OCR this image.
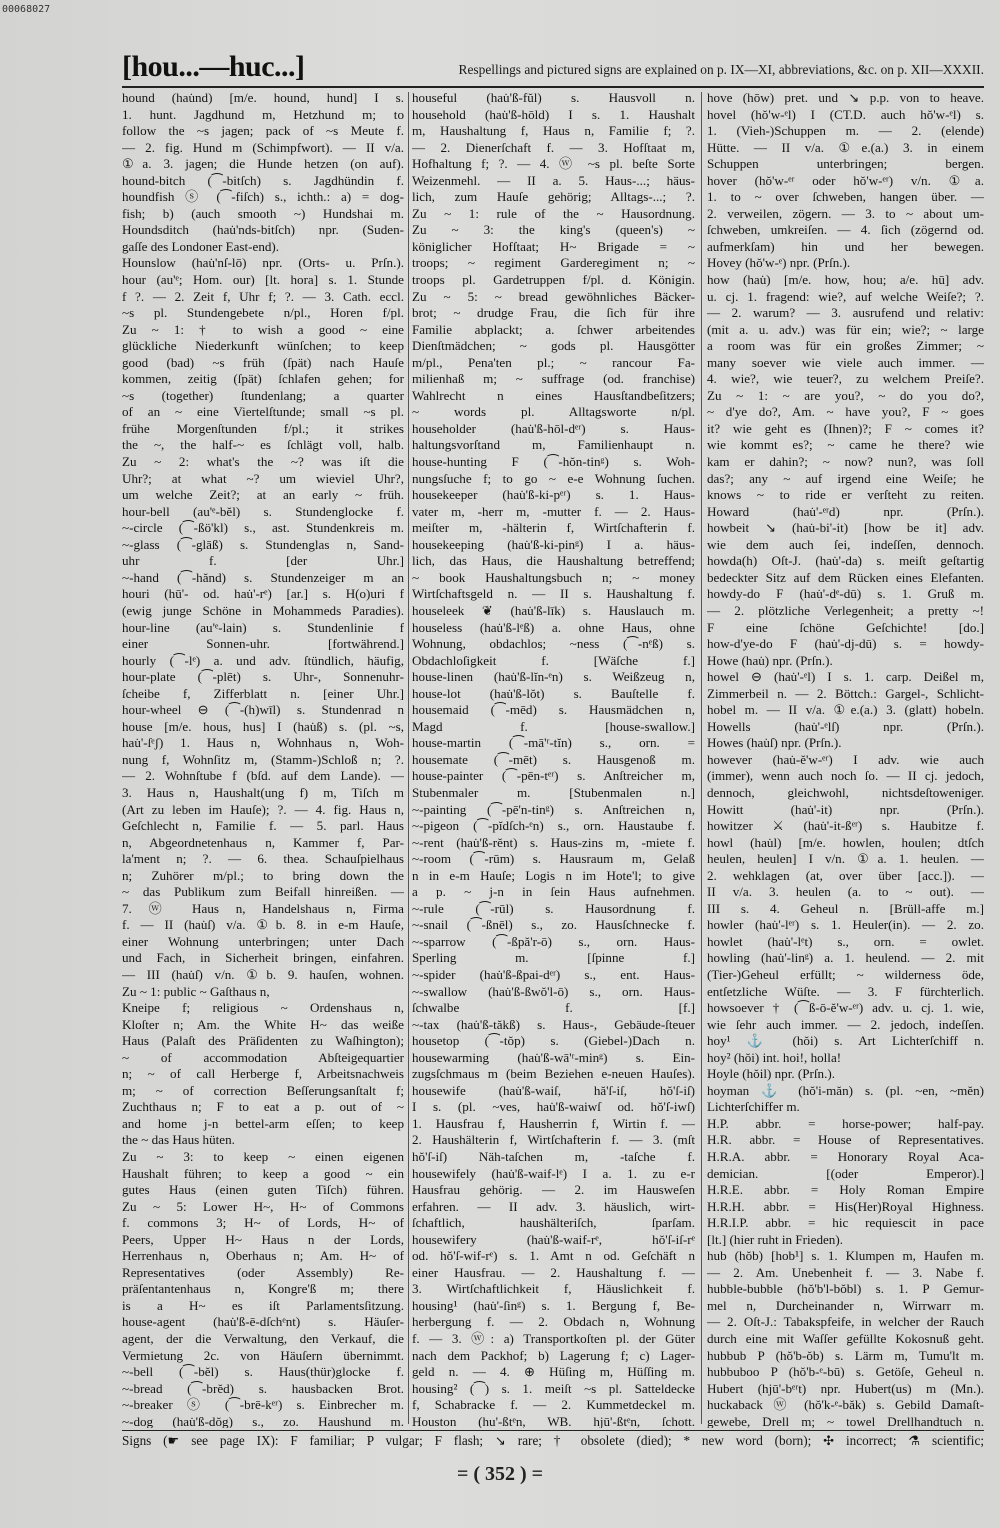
00068027
[hou...—huc...]	Respellings and pictured signs are explained on p. IX—XI, abbreviations, &c. on p. XII—XXXII.
hound (hau̇nd) [m/e. hound, hund] I s.
1. hunt. Jagdhund m, Hetzhund m; to
follow the ~s jagen; pack of ~s Meute f.
— 2. fig. Hund m (Schimpfwort). — II v/a.
①a. 3. jagen; die Hunde hetzen (on auf).
hound-bitch (⁀-bitſch) s. Jagdhündin f.
houndfish ⓢ (⁀-fiſch) s., ichth.: a) = dog-
fish; b) (auch smooth ~) Hundshai m.
Houndsditch (hau̇'nds-bitſch) npr. (Suden-
gaſſe des Londoner East-end).
Hounslow (hau̇'nſ-lō) npr. (Orts- u. Prſn.).
hour (au'ᵉ; Hom. our) [lt. hora] s. 1. Stunde
f ?. — 2. Zeit f, Uhr f; ?. — 3. Cath. eccl.
~s pl. Stundengebete n/pl., Horen f/pl.
Zu ~ 1: † to wish a good ~ eine
glückliche Niederkunft wünſchen; to keep
good (bad) ~s früh (ſpät) nach Hauſe
kommen, zeitig (ſpät) ſchlafen gehen; for
~s (together) ſtundenlang; a quarter
of an ~ eine Viertelſtunde; small ~s pl.
frühe Morgenſtunden f/pl.; it strikes
the ~, the half-~ es ſchlägt voll, halb.
Zu ~ 2: what's the ~? was iſt die
Uhr?; at what ~? um wieviel Uhr?,
um welche Zeit?; at an early ~ früh.
hour-bell (au'ᵉ-bĕl) s. Stundenglocke f.
~-circle (⁀-ßö'kl) s., ast. Stundenkreis m.
~-glass (⁀-glāß) s. Stundenglas n, Sand-
uhr f. [der Uhr.]
~-hand (⁀-hănd) s. Stundenzeiger m an
houri (hū'- od. hau̇'-rᵉ) [ar.] s. H(o)uri f
(ewig junge Schöne in Mohammeds Paradies).
hour-line (au'ᵉ-lain) s. Stundenlinie f
einer Sonnen-uhr. [fortwährend.]
hourly (⁀-lᵉ) a. und adv. ſtündlich, häufig,
hour-plate (⁀-plēt) s. Uhr-, Sonnenuhr-
ſcheibe f, Zifferblatt n. [einer Uhr.]
hour-wheel ⊖ (⁀-(h)wīl) s. Stundenrad n
house [m/e. hous, hus] I (hau̇ß) s. (pl. ~s,
hau̇'-ſᵉʃ) 1. Haus n, Wohnhaus n, Woh-
nung f, Wohnſitz m, (Stamm-)Schloß n; ?.
— 2. Wohnſtube f (bſd. auf dem Lande). —
3. Haus n, Haushalt(ung f) m, Tiſch m
(Art zu leben im Hauſe); ?. — 4. fig. Haus n,
Geſchlecht n, Familie f. — 5. parl. Haus
n, Abgeordnetenhaus n, Kammer f, Par-
la'ment n; ?. — 6. thea. Schauſpielhaus
n; Zuhörer m/pl.; to bring down the
~ das Publikum zum Beifall hinreißen. —
7. ⓦ Haus n, Handelshaus n, Firma
f. — II (hau̇ſ) v/a. ①b. 8. in e-m Hauſe,
einer Wohnung unterbringen; unter Dach
und Fach, in Sicherheit bringen, einfahren.
— III (hau̇ſ) v/n. ①b. 9. hauſen, wohnen.
Zu ~ 1: public ~ Gaſthaus n,
Kneipe f; religious ~ Ordenshaus n,
Kloſter n; Am. the White H~ das weiße
Haus (Palaſt des Präſidenten zu Waſhington);
~ of accommodation Abſteigequartier
n; ~ of call Herberge f, Arbeitsnachweis
m; ~ of correction Beſſerungsanſtalt f;
Zuchthaus n; F to eat a p. out of ~
and home j-n bettel-arm eſſen; to keep
the ~ das Haus hüten.
Zu ~ 3: to keep ~ einen eigenen
Haushalt führen; to keep a good ~ ein
gutes Haus (einen guten Tiſch) führen.
Zu ~ 5: Lower H~, H~ of Commons
f. commons 3; H~ of Lords, H~ of
Peers, Upper H~ Haus n der Lords,
Herrenhaus n, Oberhaus n; Am. H~ of
Representatives (oder Assembly) Re-
präſentantenhaus n, Kongre'ß m; there
is a H~ es iſt Parlamentsſitzung.
house-agent (hau̇'ß-ē-dſchᵉnt) s. Häuſer-
agent, der die Verwaltung, den Verkauf, die
Vermietung 2c. von Häuſern übernimmt.
~-bell (⁀-bĕl) s. Haus(thür)glocke f.
~-bread (⁀-brĕd) s. hausbacken Brot.
~-breaker ⓢ (⁀-brē-kᵉʳ) s. Einbrecher m.
~-dog (hau̇'ß-dŏg) s., zo. Haushund m.
houseful (hau̇'ß-fŭl) s. Hausvoll n.
household (hau̇'ß-hōld) I s. 1. Haushalt
m, Haushaltung f, Haus n, Familie f; ?.
— 2. Dienerſchaft f. — 3. Hofſtaat m,
Hofhaltung f; ?. — 4. ⓦ ~s pl. beſte Sorte
Weizenmehl. — II a. 5. Haus-...; häus-
lich, zum Hauſe gehörig; Alltags-...; ?.
Zu ~ 1: rule of the ~ Hausordnung.
Zu ~ 3: the king's (queen's) ~
königlicher Hofſtaat; H~ Brigade = ~
troops; ~ regiment Garderegiment n; ~
troops pl. Gardetruppen f/pl. d. Königin.
Zu ~ 5: ~ bread gewöhnliches Bäcker-
brot; ~ drudge Frau, die ſich für ihre
Familie abplackt; a. ſchwer arbeitendes
Dienſtmädchen; ~ gods pl. Hausgötter
m/pl., Pena'ten pl.; ~ rancour Fa-
milienhaß m; ~ suffrage (od. franchise)
Wahlrecht n eines Hausſtandbeſitzers;
~ words pl. Alltagsworte n/pl.
householder (hau̇'ß-hōl-dᵉʳ) s. Haus-
haltungsvorſtand m, Familienhaupt n.
house-hunting F (⁀-hŏn-tinᵍ) s. Woh-
nungsſuche f; to go ~ e-e Wohnung ſuchen.
housekeeper (hau̇'ß-ki-pᵉʳ) s. 1. Haus-
vater m, -herr m, -mutter f. — 2. Haus-
meiſter m, -hälterin f, Wirtſchafterin f.
housekeeping (hau̇'ß-ki-pinᵍ) I a. häus-
lich, das Haus, die Haushaltung betreffend;
~ book Haushaltungsbuch n; ~ money
Wirtſchaftsgeld n. — II s. Haushaltung f.
houseleek ❦ (hau̇'ß-līk) s. Hauslauch m.
houseless (hau̇'ß-lᵉß) a. ohne Haus, ohne
Wohnung, obdachlos; ~ness (⁀-nᵉß) s.
Obdachloſigkeit f. [Wäſche f.]
house-linen (hau̇'ß-lĭn-ᵉn) s. Weißzeug n,
house-lot (hau̇'ß-lŏt) s. Bauſtelle f.
housemaid (⁀-mēd) s. Hausmädchen n,
Magd f. [house-swallow.]
house-martin (⁀-mā'ʳ-tĭn) s., orn. =
housemate (⁀-mēt) s. Hausgenoß m.
house-painter (⁀-pēn-tᵉʳ) s. Anſtreicher m,
Stubenmaler m. [Stubenmalen n.]
~-painting (⁀-pē'n-tinᵍ) s. Anſtreichen n,
~-pigeon (⁀-pĭdſch-ᵉn) s., orn. Haustaube f.
~-rent (hau̇'ß-rĕnt) s. Haus-zins m, -miete f.
~-room (⁀-rūm) s. Hausraum m, Gelaß
n in e-m Hauſe; Logis n im Hote'l; to give
a p. ~ j-n in ſein Haus aufnehmen.
~-rule (⁀-rūl) s. Hausordnung f.
~-snail (⁀-ßnēl) s., zo. Hausſchnecke f.
~-sparrow (⁀-ßpă'r-ō) s., orn. Haus-
Sperling m. [ſpinne f.]
~-spider (hau̇'ß-ßpai-dᵉʳ) s., ent. Haus-
~-swallow (hau̇'ß-ßwŏ'l-ō) s., orn. Haus-
ſchwalbe f. [f.]
~-tax (hau̇'ß-tăkß) s. Haus-, Gebäude-ſteuer
housetop (⁀-tŏp) s. (Giebel-)Dach n.
housewarming (hau̇'ß-wā'ʳ-minᵍ) s. Ein-
zugsſchmaus m (beim Beziehen e-neuen Hauſes).
housewife (hau̇'ß-waiſ, hă'ſ-iſ, hŏ'ſ-iſ)
I s. (pl. ~ves, hau̇'ß-waiwſ od. hŏ'ſ-iwſ)
1. Hausfrau f, Hausherrin f, Wirtin f. —
2. Haushälterin f, Wirtſchafterin f. — 3. (mſt
hŏ'ſ-iſ) Näh-taſchen m, -taſche f.
housewifely (hau̇'ß-waif-lᵉ) I a. 1. zu e-r
Hausfrau gehörig. — 2. im Hausweſen
erfahren. — II adv. 3. häuslich, wirt-
ſchaftlich, haushälteriſch, ſparſam.
housewifery (hau̇'ß-waif-rᵉ, hŏ'ſ-iſ-rᵉ
od. hŏ'ſ-wif-rᵉ) s. 1. Amt n od. Geſchäft n
einer Hausfrau. — 2. Haushaltung f. —
3. Wirtſchaftlichkeit f, Häuslichkeit f.
housing¹ (hau̇'-ſinᵍ) s. 1. Bergung f, Be-
herbergung f. — 2. Obdach n, Wohnung
f. — 3. ⓦ: a) Transportkoſten pl. der Güter
nach dem Packhof; b) Lagerung f; c) Lager-
geld n. — 4. ⊕ Hüſing m, Hüſſing m.
housing² (⁀) s. 1. meiſt ~s pl. Satteldecke
f, Schabracke f. — 2. Kummetdeckel m.
Houston (hu'-ßtᵉn, WB. hjū'-ßtᵉn, ſchott.
hove (hōw) pret. und ↘ p.p. von to heave.
hovel (hŏ'w-ᵉl) I (CT.D. auch hŏ'w-ᵉl) s.
1. (Vieh-)Schuppen m. — 2. (elende)
Hütte. — II v/a. ①e.(a.) 3. in einem
Schuppen unterbringen; bergen.
hover (hŏ'w-ᵉʳ oder hŏ'w-ᵉʳ) v/n. ①a.
1. to ~ over ſchweben, hangen über. —
2. verweilen, zögern. — 3. to ~ about um-
ſchweben, umkreiſen. — 4. ſich (zögernd od.
aufmerkſam) hin und her bewegen.
Hovey (hŏ'w-ᵉ) npr. (Prſn.).
how (hau̇) [m/e. how, hou; a/e. hū] adv.
u. cj. 1. fragend: wie?, auf welche Weiſe?; ?.
— 2. warum? — 3. ausrufend und relativ:
(mit a. u. adv.) was für ein; wie?; ~ large
a room was für ein großes Zimmer; ~
many soever wie viele auch immer. —
4. wie?, wie teuer?, zu welchem Preiſe?.
Zu ~ 1: ~ are you?, ~ do you do?,
~ d'ye do?, Am. ~ have you?, F ~ goes
it? wie geht es (Ihnen)?; F ~ comes it?
wie kommt es?; ~ came he there? wie
kam er dahin?; ~ now? nun?, was ſoll
das?; any ~ auf irgend eine Weiſe; he
knows ~ to ride er verſteht zu reiten.
Howard (hau̇'-ᵉʳd) npr. (Prſn.).
howbeit ↘ (hau̇-bi'-it) [how be it] adv.
wie dem auch ſei, indeſſen, dennoch.
howda(h) Oſt-J. (hau̇'-da) s. meiſt geſtartig
bedeckter Sitz auf dem Rücken eines Elefanten.
howdy-do F (hau̇'-dᵉ-dū) s. 1. Gruß m.
— 2. plötzliche Verlegenheit; a pretty ~!
F eine ſchöne Geſchichte! [do.]
how-d'ye-do F (hau̇'-dj-dū) s. = howdy-
Howe (hau̇) npr. (Prſn.).
howel ⊖ (hau̇'-ᵉl) I s. 1. carp. Deißel m,
Zimmerbeil n. — 2. Böttch.: Gargel-, Schlicht-
hobel m. — II v/a. ①e.(a.) 3. (glatt) hobeln.
Howells (hau̇'-ᵉlſ) npr. (Prſn.).
Howes (hau̇ſ) npr. (Prſn.).
however (hau̇-ĕ'w-ᵉʳ) I adv. wie auch
(immer), wenn auch noch ſo. — II cj. jedoch,
dennoch, gleichwohl, nichtsdeſtoweniger.
Howitt (hau̇'-it) npr. (Prſn.).
howitzer ⚔ (hau̇'-it-ßᵉʳ) s. Haubitze f.
howl (hau̇l) [m/e. howlen, houlen; dtſch
heulen, heulen] I v/n. ①a. 1. heulen. —
2. wehklagen (at, over über [acc.]). —
II v/a. 3. heulen (a. to ~ out). —
III s. 4. Geheul n. [Brüll-affe m.]
howler (hau̇'-lᵉʳ) s. 1. Heuler(in). — 2. zo.
howlet (hau̇'-lᵉt) s., orn. = owlet.
howling (hau̇'-linᵍ) a. 1. heulend. — 2. mit
(Tier-)Geheul erfüllt; ~ wilderness öde,
entſetzliche Wüſte. — 3. F fürchterlich.
howsoever † (⁀ß-ō-ĕ'w-ᵉʳ) adv. u. cj. 1. wie,
wie ſehr auch immer. — 2. jedoch, indeſſen.
hoy¹ ⚓ (hŏi) s. Art Lichterſchiff n.
hoy² (hŏi) int. hoi!, holla!
Hoyle (hŏil) npr. (Prſn.).
hoyman ⚓ (hŏ'i-măn) s. (pl. ~en, ~mĕn)
Lichterſchiffer m.
H.P. abbr. = horse-power; half-pay.
H.R. abbr. = House of Representatives.
H.R.A. abbr. = Honorary Royal Aca-
demician. [(oder Emperor).]
H.R.E. abbr. = Holy Roman Empire
H.R.H. abbr. = His(Her)Royal Highness.
H.R.I.P. abbr. = hic requiescit in pace
[lt.] (hier ruht in Frieden).
hub (hŏb) [hob¹] s. 1. Klumpen m, Haufen m.
— 2. Am. Unebenheit f. — 3. Nabe f.
hubble-bubble (hŏ'b'l-bŏbl) s. 1. P Gemur-
mel n, Durcheinander n, Wirrwarr m.
— 2. Oſt-J.: Tabakspfeife, in welcher der Rauch
durch eine mit Waſſer gefüllte Kokosnuß geht.
hubbub P (hŏ'b-ŏb) s. Lärm m, Tumu'lt m.
hubbuboo P (hŏ'b-ᵉ-bū) s. Getöſe, Geheul n.
Hubert (hjū'-bᵉʳt) npr. Hubert(us) m (Mn.).
huckaback ⓦ (hŏ'k-ᵉ-băk) s. Gebild Damaſt-
gewebe, Drell m; ~ towel Drellhandtuch n.
Signs (☛ see page IX): F familiar; P vulgar; F flash; ↘ rare; † obsolete (died); * new word (born); ✣ incorrect; ⚗ scientific;
= ( 352 ) =
